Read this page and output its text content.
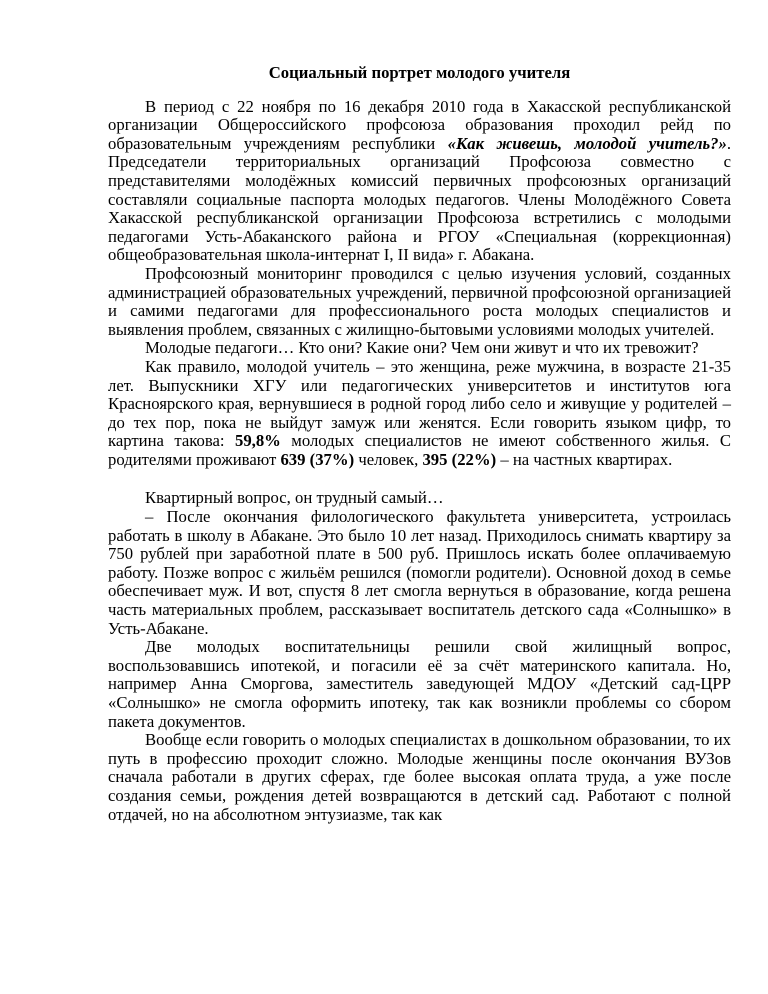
Социальный портрет молодого учителя

В период с 22 ноября по 16 декабря 2010 года в Хакасской республиканской организации Общероссийского профсоюза образования проходил рейд по образовательным учреждениям республики «Как живешь, молодой учитель?». Председатели территориальных организаций Профсоюза совместно с представителями молодёжных комиссий первичных профсоюзных организаций составляли социальные паспорта молодых педагогов. Члены Молодёжного Совета Хакасской республиканской организации Профсоюза встретились с молодыми педагогами Усть-Абаканского района и РГОУ «Специальная (коррекционная) общеобразовательная школа-интернат I, II вида» г. Абакана.

Профсоюзный мониторинг проводился с целью изучения условий, созданных администрацией образовательных учреждений, первичной профсоюзной организацией и самими педагогами для профессионального роста молодых специалистов и выявления проблем, связанных с жилищно-бытовыми условиями молодых учителей.

Молодые педагоги… Кто они? Какие они? Чем они живут и что их тревожит?

Как правило, молодой учитель – это женщина, реже мужчина, в возрасте 21-35 лет. Выпускники ХГУ или педагогических университетов и институтов юга Красноярского края, вернувшиеся в родной город либо село и живущие у родителей – до тех пор, пока не выйдут замуж или женятся. Если говорить языком цифр, то картина такова: 59,8% молодых специалистов не имеют собственного жилья. С родителями проживают 639 (37%) человек, 395 (22%) – на частных квартирах.

Квартирный вопрос, он трудный самый…

– После окончания филологического факультета университета, устроилась работать в школу в Абакане. Это было 10 лет назад. Приходилось снимать квартиру за 750 рублей при заработной плате в 500 руб. Пришлось искать более оплачиваемую работу. Позже вопрос с жильём решился (помогли родители). Основной доход в семье обеспечивает муж. И вот, спустя 8 лет смогла вернуться в образование, когда решена часть материальных проблем, рассказывает воспитатель детского сада «Солнышко» в Усть-Абакане.

Две молодых воспитательницы решили свой жилищный вопрос, воспользовавшись ипотекой, и погасили её за счёт материнского капитала. Но, например Анна Сморгова, заместитель заведующей МДОУ «Детский сад-ЦРР «Солнышко» не смогла оформить ипотеку, так как возникли проблемы со сбором пакета документов.

Вообще если говорить о молодых специалистах в дошкольном образовании, то их путь в профессию проходит сложно. Молодые женщины после окончания ВУЗов сначала работали в других сферах, где более высокая оплата труда, а уже после создания семьи, рождения детей возвращаются в детский сад. Работают с полной отдачей, но на абсолютном энтузиазме, так как
